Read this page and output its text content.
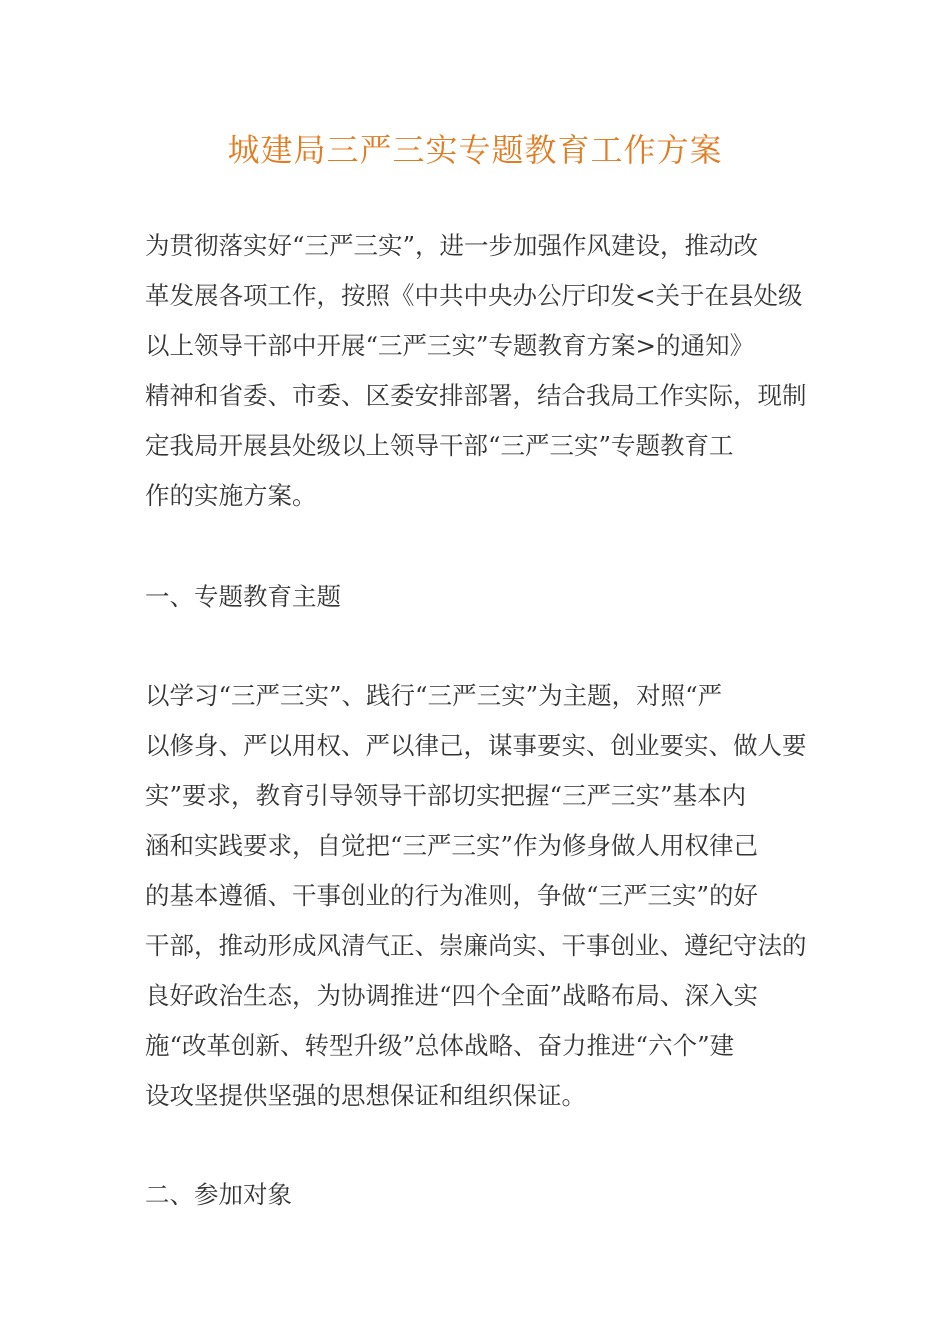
城建局三严三实专题教育工作方案
为贯彻落实好“三严三实”，进一步加强作风建设，推动改
革发展各项工作，按照《中共中央办公厅印发<关于在县处级
以上领导干部中开展“三严三实”专题教育方案>的通知》
精神和省委、市委、区委安排部署，结合我局工作实际，现制
定我局开展县处级以上领导干部“三严三实”专题教育工
作的实施方案。
一、专题教育主题
以学习“三严三实”、践行“三严三实”为主题，对照“严
以修身、严以用权、严以律己，谋事要实、创业要实、做人要
实”要求，教育引导领导干部切实把握“三严三实”基本内
涵和实践要求，自觉把“三严三实”作为修身做人用权律己
的基本遵循、干事创业的行为准则，争做“三严三实”的好
干部，推动形成风清气正、崇廉尚实、干事创业、遵纪守法的
良好政治生态，为协调推进“四个全面”战略布局、深入实
施“改革创新、转型升级”总体战略、奋力推进“六个”建
设攻坚提供坚强的思想保证和组织保证。
二、参加对象
